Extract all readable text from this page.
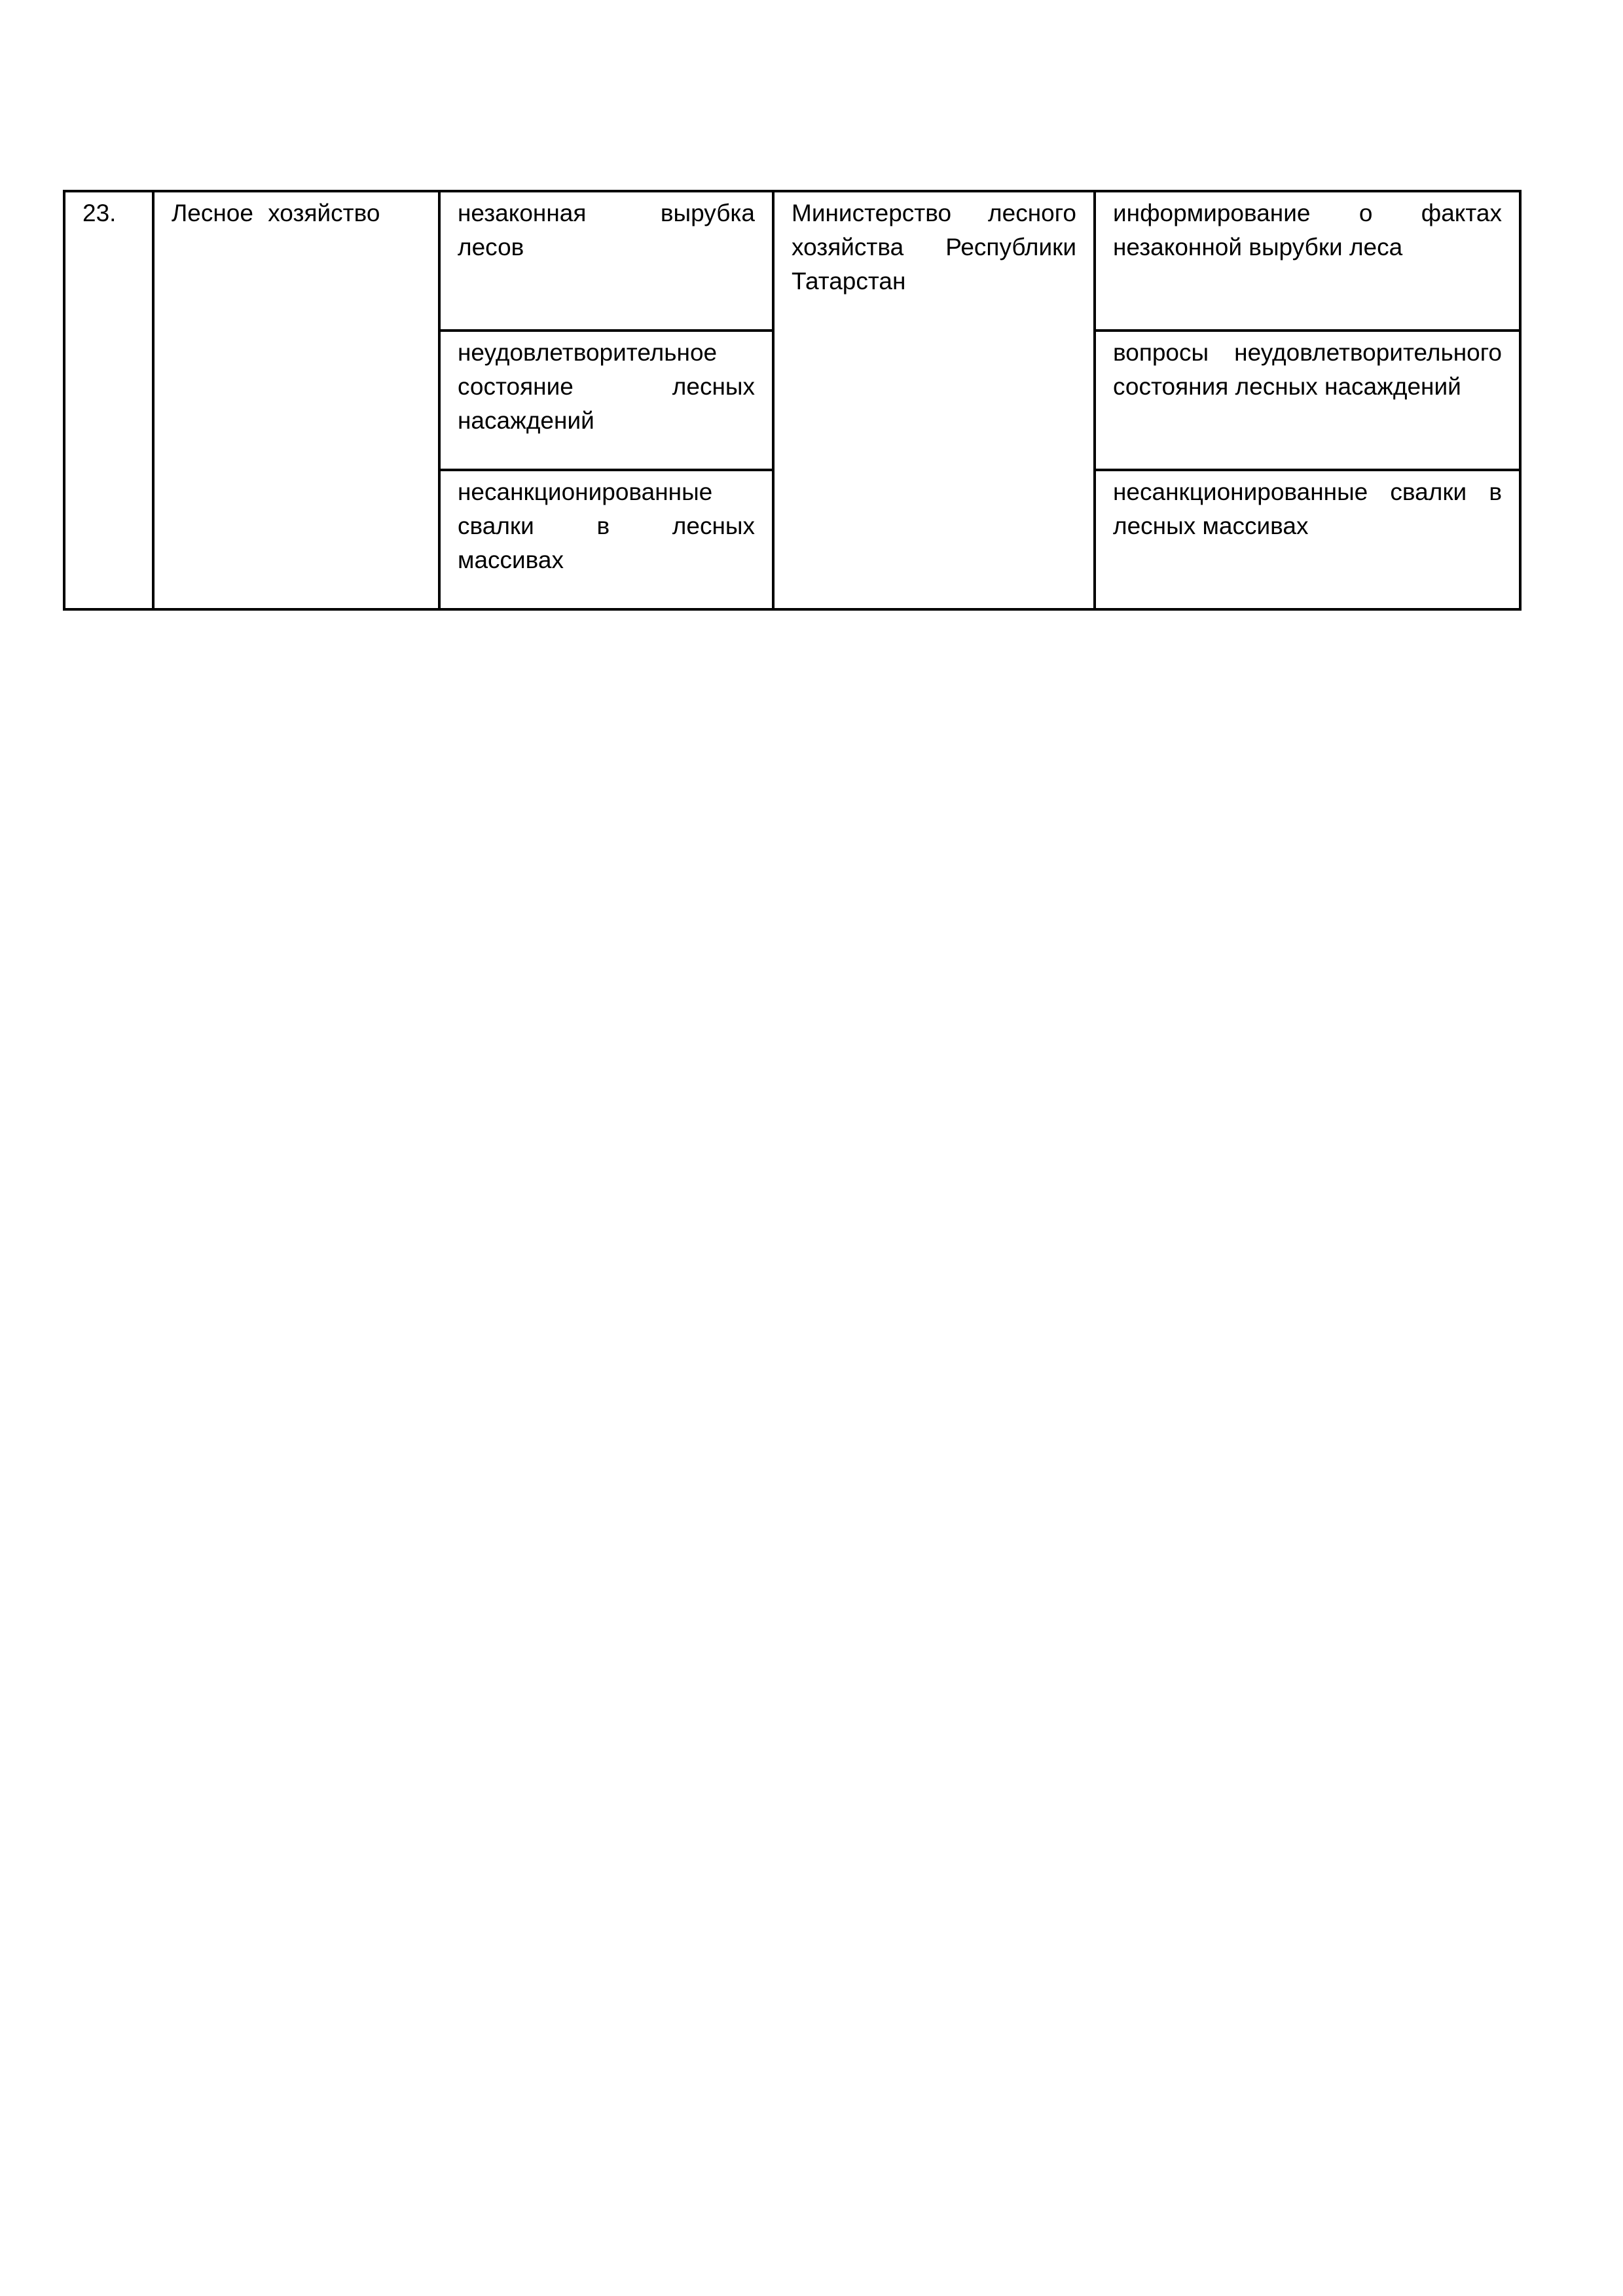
23.	Лесное хозяйство	незаконная вырубка лесов	Министерство лесного хозяйства Республики Татарстан	информирование о фактах незаконной вырубки леса
		неудовлетворительное состояние лесных насаждений		вопросы неудовлетворительного состояния лесных насаждений
		несанкционированные свалки в лесных массивах		несанкционированные свалки в лесных массивах
